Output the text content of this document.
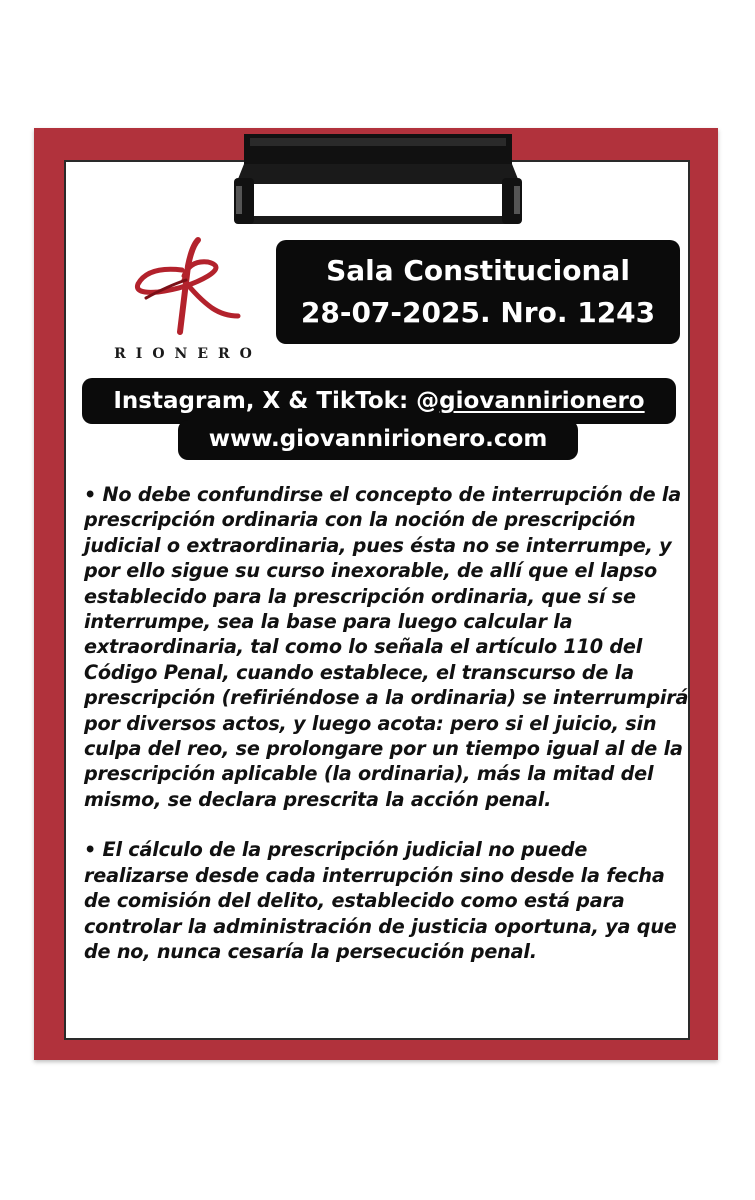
RIONERO
Sala Constitucional
28-07-2025. Nro. 1243
Instagram, X & TikTok: @giovannirionero
www.giovannirionero.com

• No debe confundirse el concepto de interrupción de la prescripción ordinaria con la noción de prescripción judicial o extraordinaria, pues ésta no se interrumpe, y por ello sigue su curso inexorable, de allí que el lapso establecido para la prescripción ordinaria, que sí se interrumpe, sea la base para luego calcular la extraordinaria, tal como lo señala el artículo 110 del Código Penal, cuando establece, el transcurso de la prescripción (refiriéndose a la ordinaria) se interrumpirá por diversos actos, y luego acota: pero si el juicio, sin culpa del reo, se prolongare por un tiempo igual al de la prescripción aplicable (la ordinaria), más la mitad del mismo, se declara prescrita la acción penal.

• El cálculo de la prescripción judicial no puede realizarse desde cada interrupción sino desde la fecha de comisión del delito, establecido como está para controlar la administración de justicia oportuna, ya que de no, nunca cesaría la persecución penal.
